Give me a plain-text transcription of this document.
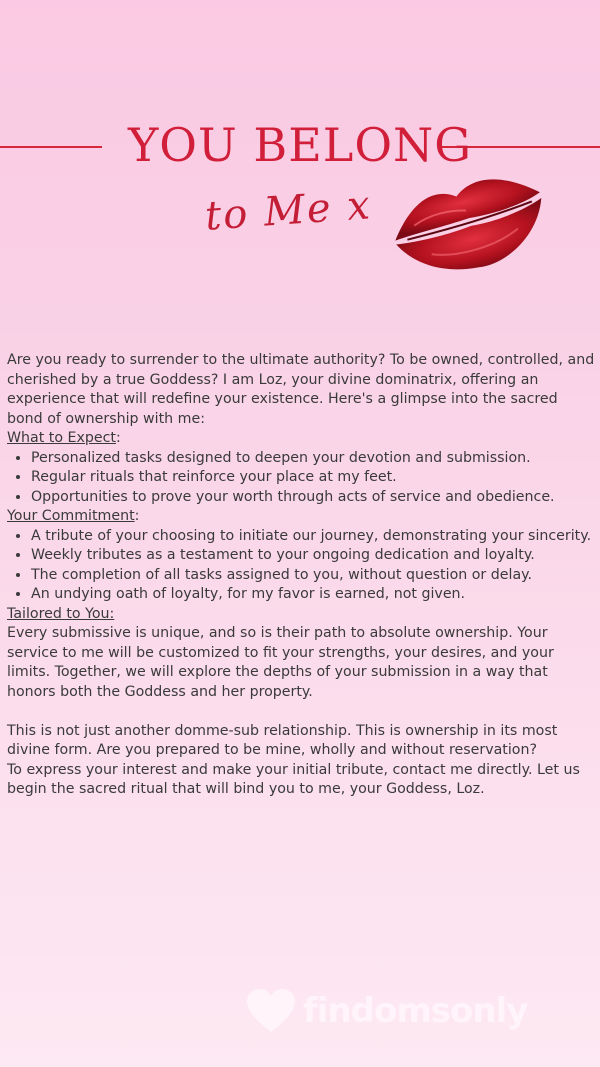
YOU BELONG
to Me x

Are you ready to surrender to the ultimate authority? To be owned, controlled, and cherished by a true Goddess? I am Loz, your divine dominatrix, offering an experience that will redefine your existence. Here's a glimpse into the sacred bond of ownership with me:

What to Expect:

• Personalized tasks designed to deepen your devotion and submission.
• Regular rituals that reinforce your place at my feet.
• Opportunities to prove your worth through acts of service and obedience.

Your Commitment:

• A tribute of your choosing to initiate our journey, demonstrating your sincerity.
• Weekly tributes as a testament to your ongoing dedication and loyalty.
• The completion of all tasks assigned to you, without question or delay.
• An undying oath of loyalty, for my favor is earned, not given.

Tailored to You:

Every submissive is unique, and so is their path to absolute ownership. Your service to me will be customized to fit your strengths, your desires, and your limits. Together, we will explore the depths of your submission in a way that honors both the Goddess and her property.

This is not just another domme-sub relationship. This is ownership in its most divine form. Are you prepared to be mine, wholly and without reservation?

To express your interest and make your initial tribute, contact me directly. Let us begin the sacred ritual that will bind you to me, your Goddess, Loz.

findomsonly
